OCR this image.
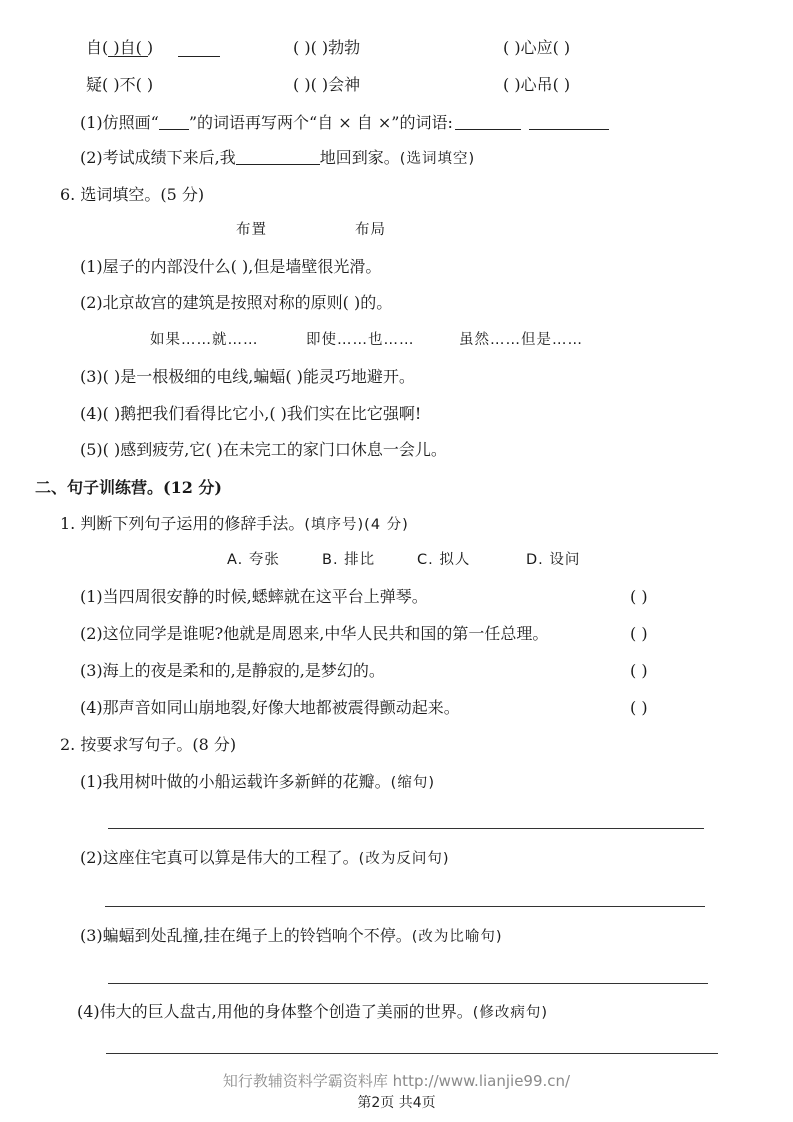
自( )自( )	( )( )勃勃	( )心应( )
疑( )不( )	( )( )会神	( )心吊( )
(1)仿照画“ ”的词语再写两个“自 × 自 ×”的词语:
(2)考试成绩下来后,我	地回到家。(选词填空)
6. 选词填空。(5 分)
布置	布局
(1)屋子的内部没什么( ),但是墙壁很光滑。
(2)北京故宫的建筑是按照对称的原则( )的。
如果……就……	即使……也……	虽然……但是……
(3)( )是一根极细的电线,蝙蝠( )能灵巧地避开。
(4)( )鹅把我们看得比它小,( )我们实在比它强啊!
(5)( )感到疲劳,它( )在未完工的家门口休息一会儿。
二、句子训练营。(12 分)
1. 判断下列句子运用的修辞手法。(填序号)(4 分)
A. 夸张	B. 排比	C. 拟人	D. 设问
(1)当四周很安静的时候,蟋蟀就在这平台上弹琴。	( )
(2)这位同学是谁呢?他就是周恩来,中华人民共和国的第一任总理。	( )
(3)海上的夜是柔和的,是静寂的,是梦幻的。	( )
(4)那声音如同山崩地裂,好像大地都被震得颤动起来。	( )
2. 按要求写句子。(8 分)
(1)我用树叶做的小船运载许多新鲜的花瓣。(缩句)
(2)这座住宅真可以算是伟大的工程了。(改为反问句)
(3)蝙蝠到处乱撞,挂在绳子上的铃铛响个不停。(改为比喻句)
(4)伟大的巨人盘古,用他的身体整个创造了美丽的世界。(修改病句)
知行教辅资料学霸资料库 http://www.lianjie99.cn/
第2页 共4页
